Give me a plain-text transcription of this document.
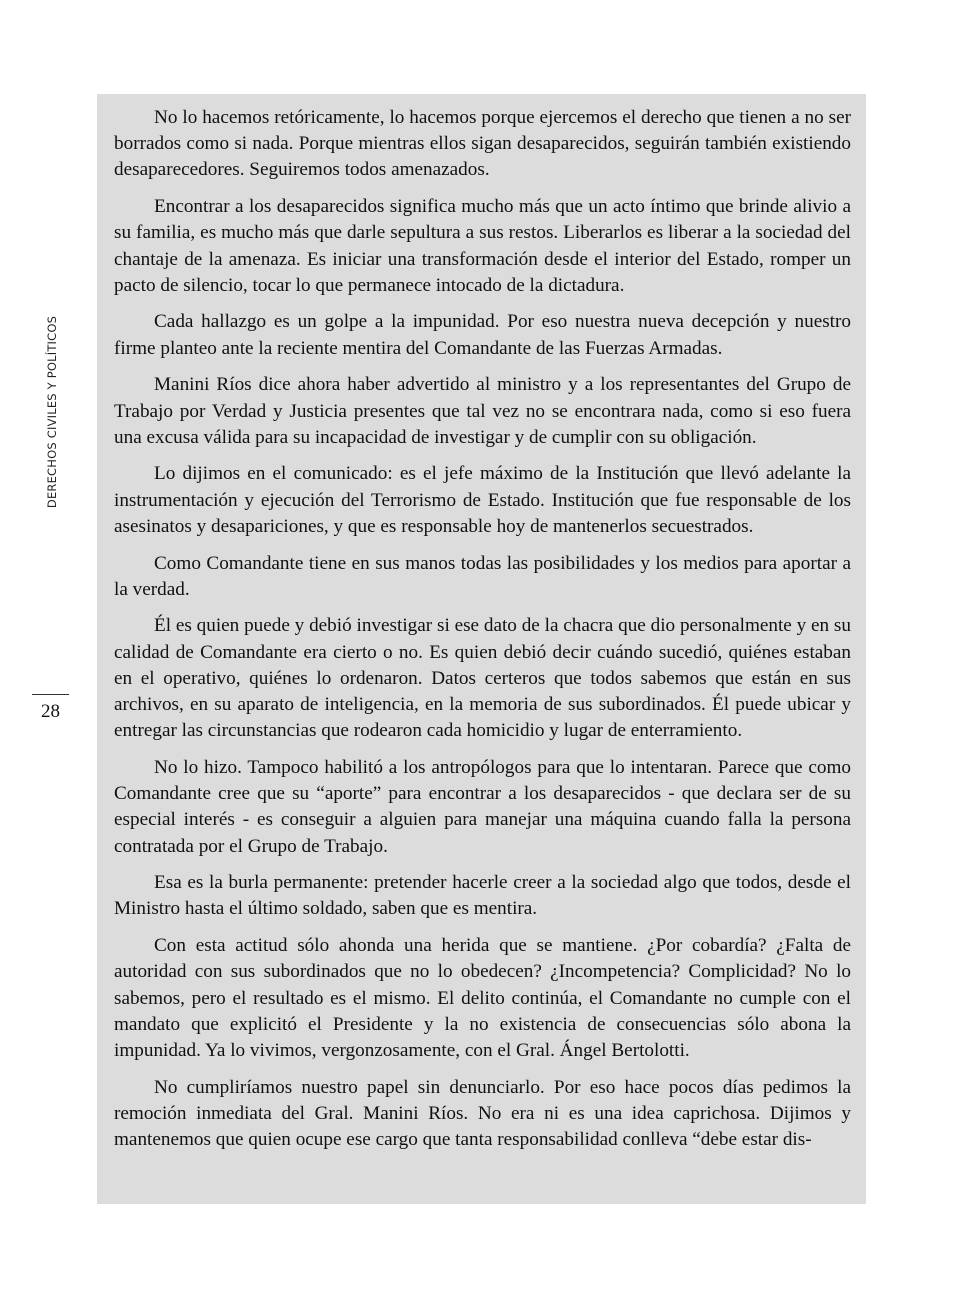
DERECHOS CIVILES Y POLÍTICOS
28

No lo hacemos retóricamente, lo hacemos porque ejercemos el derecho que tienen a no ser borrados como si nada. Porque mientras ellos sigan desaparecidos, seguirán también existiendo desaparecedores. Seguiremos todos amenazados.

Encontrar a los desaparecidos significa mucho más que un acto íntimo que brinde alivio a su familia, es mucho más que darle sepultura a sus restos. Liberarlos es liberar a la sociedad del chantaje de la amenaza. Es iniciar una transformación desde el interior del Estado, romper un pacto de silencio, tocar lo que permanece intocado de la dictadura.

Cada hallazgo es un golpe a la impunidad. Por eso nuestra nueva decepción y nuestro firme planteo ante la reciente mentira del Comandante de las Fuerzas Armadas.

Manini Ríos dice ahora haber advertido al ministro y a los representantes del Grupo de Trabajo por Verdad y Justicia presentes que tal vez no se encontrara nada, como si eso fuera una excusa válida para su incapacidad de investigar y de cumplir con su obligación.

Lo dijimos en el comunicado: es el jefe máximo de la Institución que llevó adelante la instrumentación y ejecución del Terrorismo de Estado. Institución que fue responsable de los asesinatos y desapariciones, y que es responsable hoy de mantenerlos secuestrados.

Como Comandante tiene en sus manos todas las posibilidades y los medios para aportar a la verdad.

Él es quien puede y debió investigar si ese dato de la chacra que dio personalmente y en su calidad de Comandante era cierto o no. Es quien debió decir cuándo sucedió, quiénes estaban en el operativo, quiénes lo ordenaron. Datos certeros que todos sabemos que están en sus archivos, en su aparato de inteligencia, en la memoria de sus subordinados. Él puede ubicar y entregar las circunstancias que rodearon cada homicidio y lugar de enterramiento.

No lo hizo. Tampoco habilitó a los antropólogos para que lo intentaran. Parece que como Comandante cree que su “aporte” para encontrar a los desaparecidos - que declara ser de su especial interés - es conseguir a alguien para manejar una máquina cuando falla la persona contratada por el Grupo de Trabajo.

Esa es la burla permanente: pretender hacerle creer a la sociedad algo que todos, desde el Ministro hasta el último soldado, saben que es mentira.

Con esta actitud sólo ahonda una herida que se mantiene. ¿Por cobardía? ¿Falta de autoridad con sus subordinados que no lo obedecen? ¿Incompetencia? Complicidad? No lo sabemos, pero el resultado es el mismo. El delito continúa, el Comandante no cumple con el mandato que explicitó el Presidente y la no existencia de consecuencias sólo abona la impunidad. Ya lo vivimos, vergonzosamente, con el Gral. Ángel Bertolotti.

No cumpliríamos nuestro papel sin denunciarlo. Por eso hace pocos días pedimos la remoción inmediata del Gral. Manini Ríos. No era ni es una idea caprichosa. Dijimos y mantenemos que quien ocupe ese cargo que tanta responsabilidad conlleva “debe estar dis-
